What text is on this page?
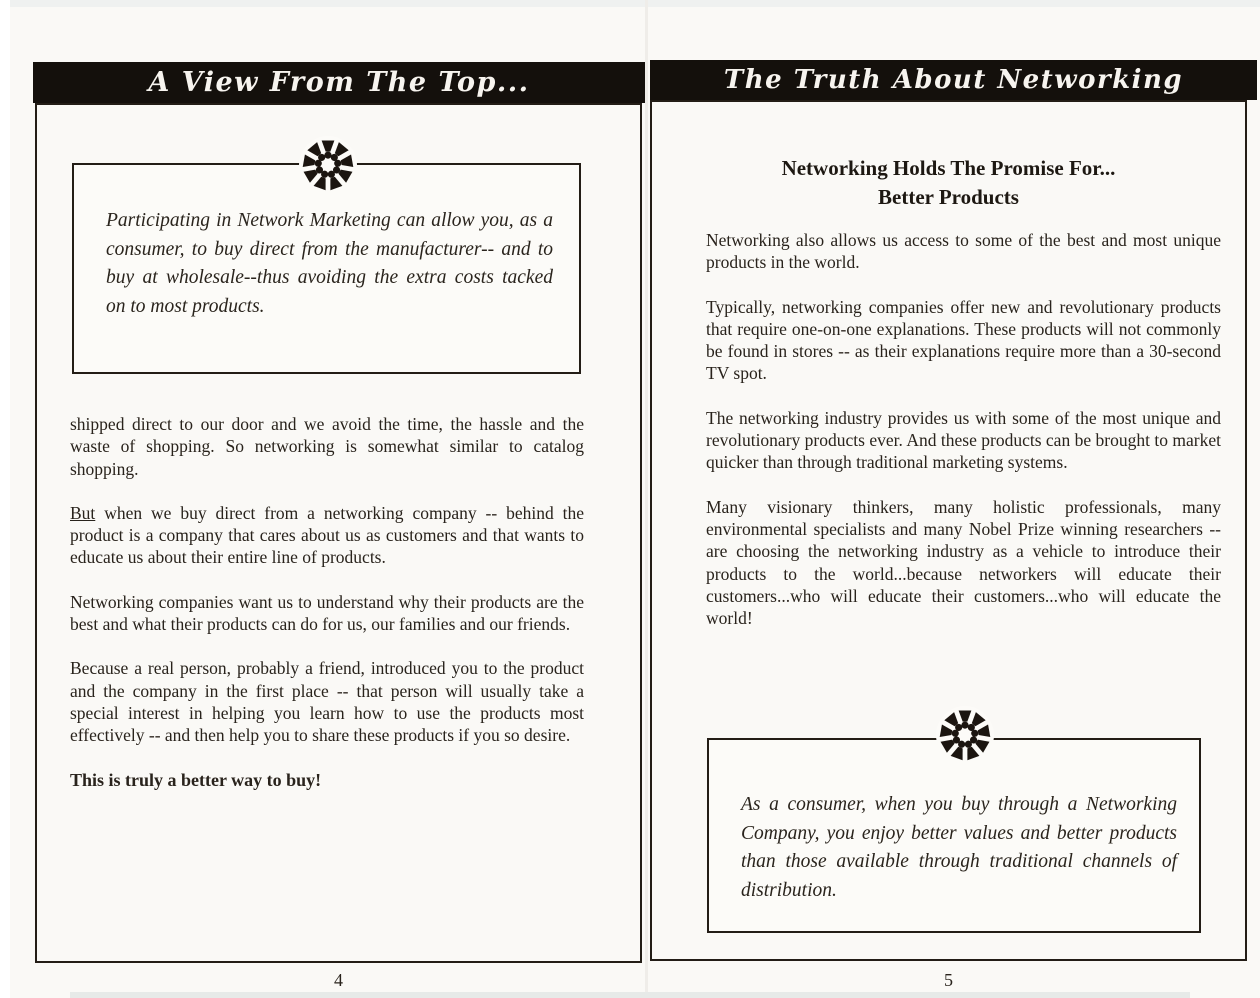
A View From The Top...

Participating in Network Marketing can allow you, as a consumer, to buy direct from the manufacturer-- and to buy at wholesale--thus avoiding the extra costs tacked on to most products.

shipped direct to our door and we avoid the time, the hassle and the waste of shopping. So networking is somewhat similar to catalog shopping.

But when we buy direct from a networking company -- behind the product is a company that cares about us as customers and that wants to educate us about their entire line of products.

Networking companies want us to understand why their products are the best and what their products can do for us, our families and our friends.

Because a real person, probably a friend, introduced you to the product and the company in the first place -- that person will usually take a special interest in helping you learn how to use the products most effectively -- and then help you to share these products if you so desire.

This is truly a better way to buy!

4
The Truth About Networking
Networking Holds The Promise For...
Better Products

Networking also allows us access to some of the best and most unique products in the world.

Typically, networking companies offer new and revolutionary products that require one-on-one explanations. These products will not commonly be found in stores -- as their explanations require more than a 30-second TV spot.

The networking industry provides us with some of the most unique and revolutionary products ever. And these products can be brought to market quicker than through traditional marketing systems.

Many visionary thinkers, many holistic professionals, many environmental specialists and many Nobel Prize winning researchers -- are choosing the networking industry as a vehicle to introduce their products to the world...because networkers will educate their customers...who will educate their customers...who will educate the world!

As a consumer, when you buy through a Networking Company, you enjoy better values and better products than those available through traditional channels of distribution.

5
